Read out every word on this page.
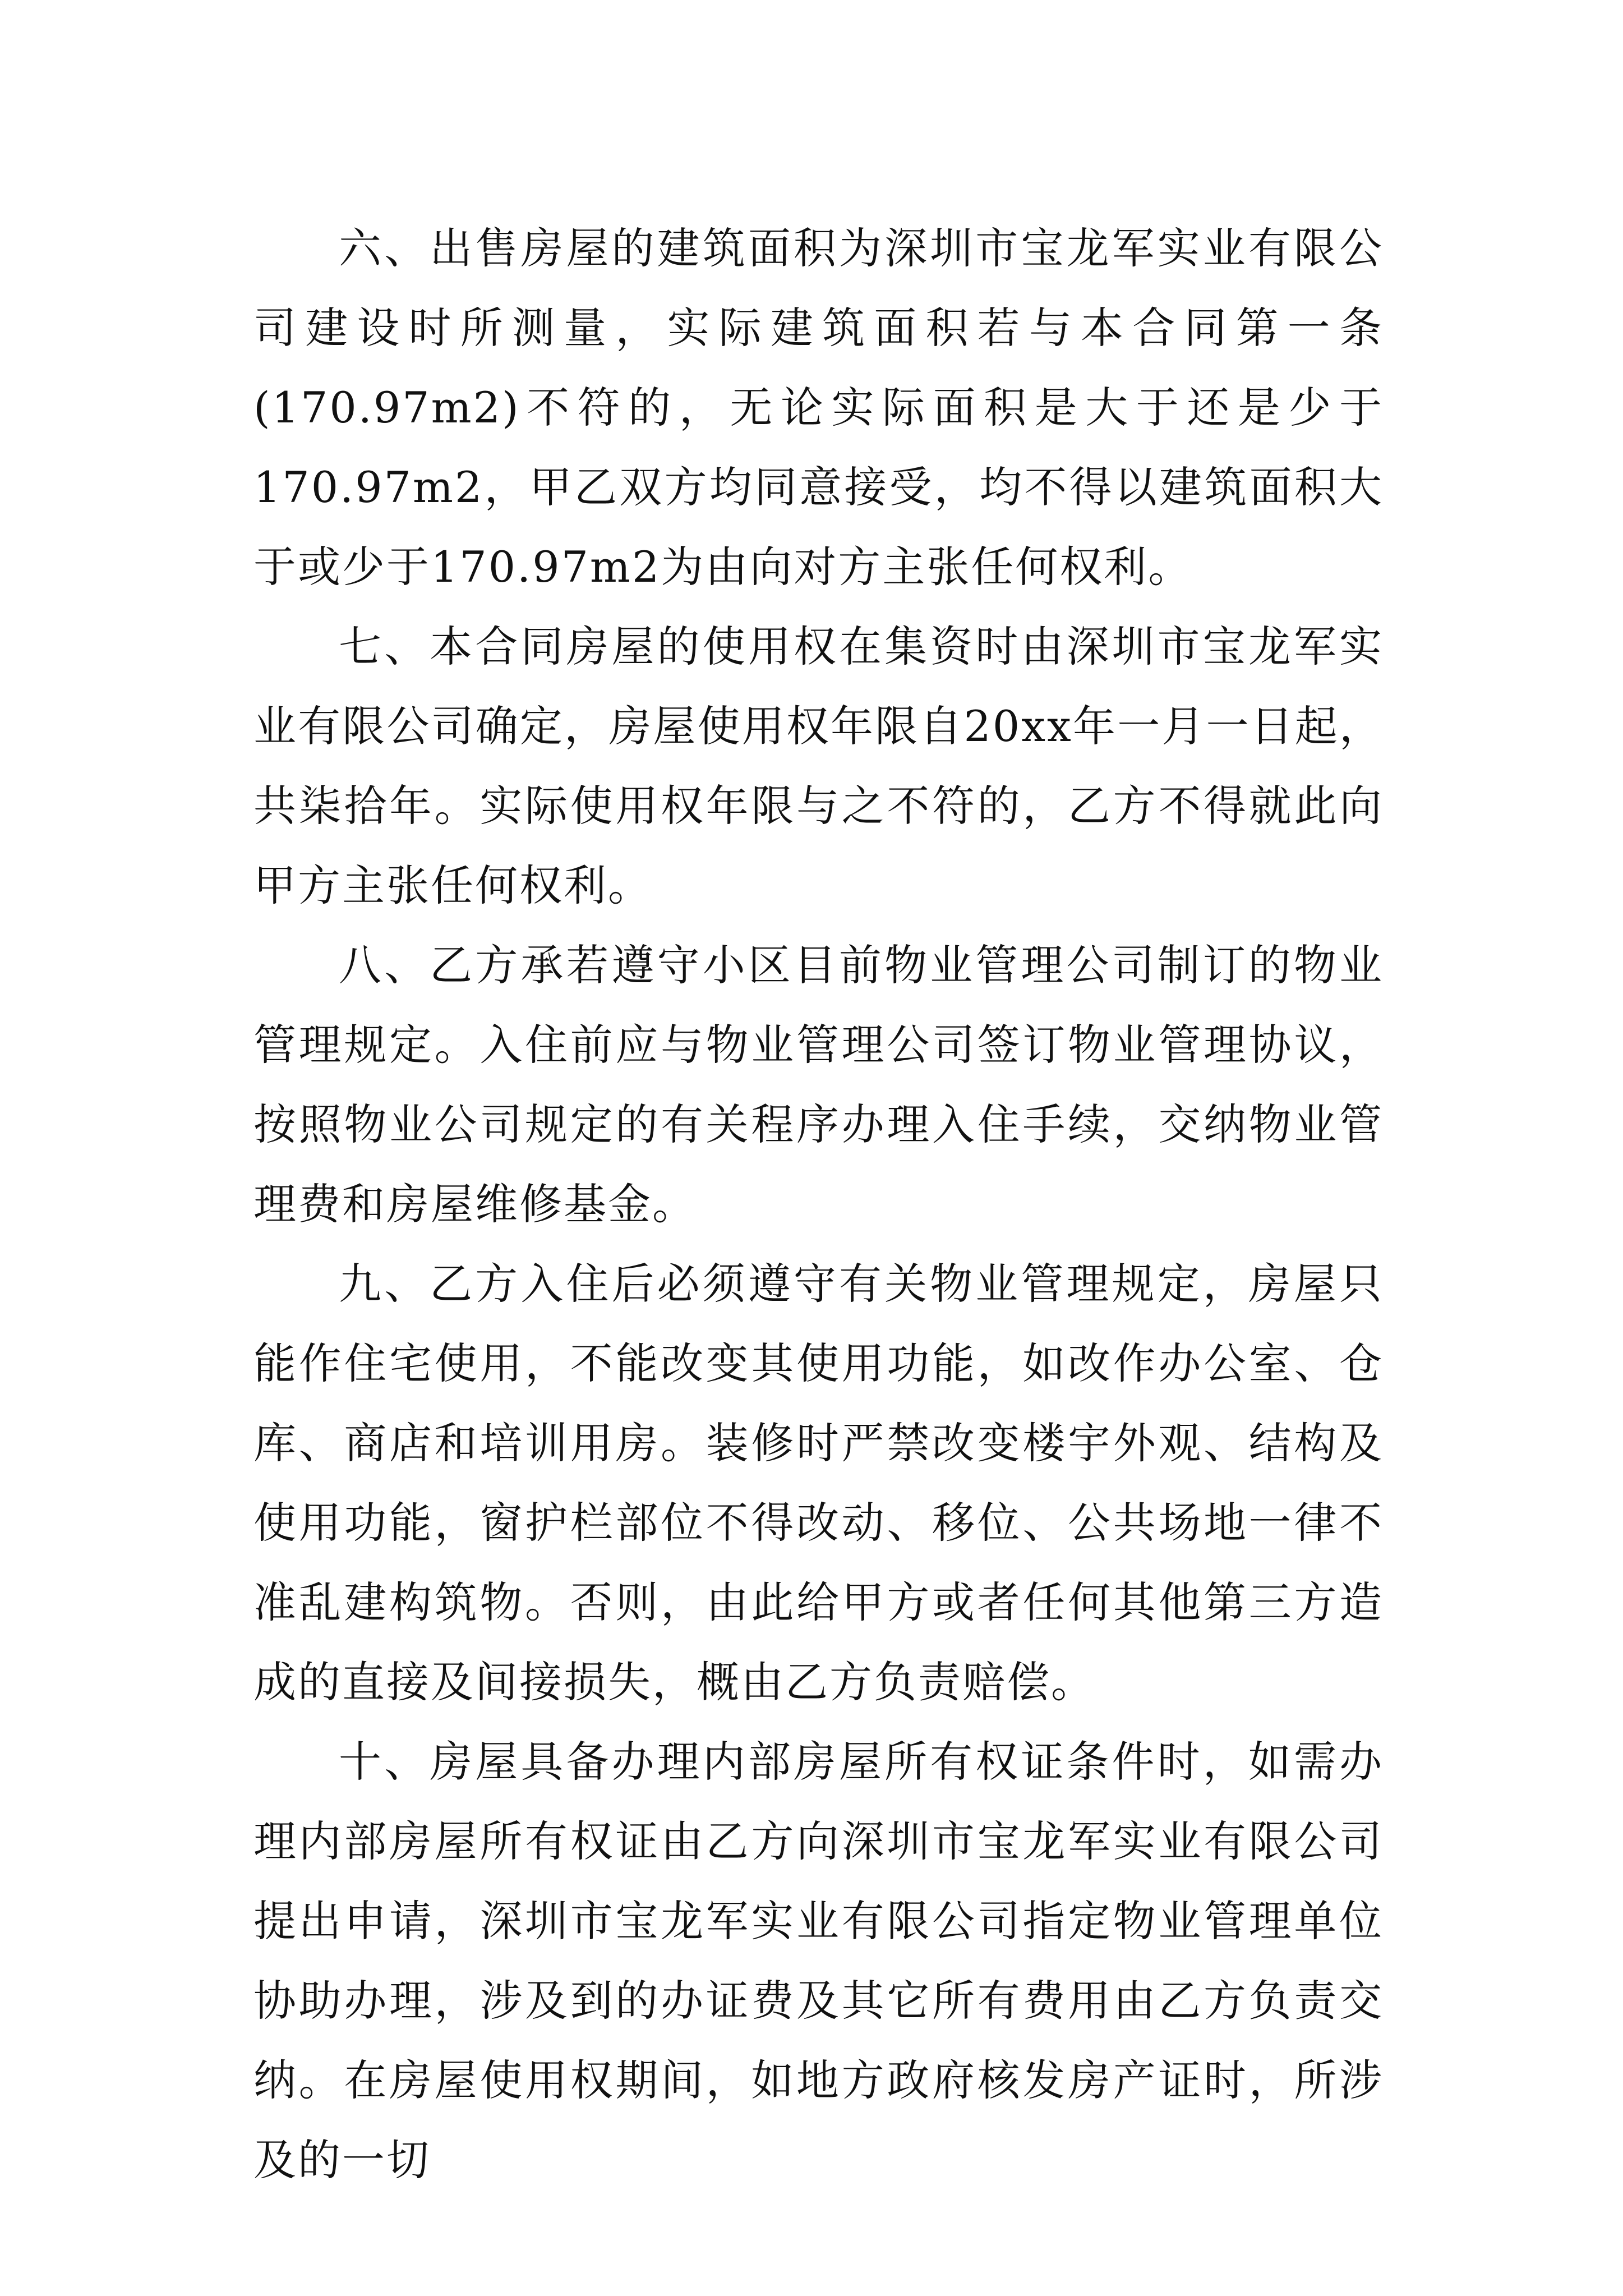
六、出售房屋的建筑面积为深圳市宝龙军实业有限公司建设时所测量，实际建筑面积若与本合同第一条(170.97m2)不符的，无论实际面积是大于还是少于170.97m2，甲乙双方均同意接受，均不得以建筑面积大于或少于170.97m2为由向对方主张任何权利。

七、本合同房屋的使用权在集资时由深圳市宝龙军实业有限公司确定，房屋使用权年限自20xx年一月一日起，共柒拾年。实际使用权年限与之不符的，乙方不得就此向甲方主张任何权利。

八、乙方承若遵守小区目前物业管理公司制订的物业管理规定。入住前应与物业管理公司签订物业管理协议，按照物业公司规定的有关程序办理入住手续，交纳物业管理费和房屋维修基金。

九、乙方入住后必须遵守有关物业管理规定，房屋只能作住宅使用，不能改变其使用功能，如改作办公室、仓库、商店和培训用房。装修时严禁改变楼宇外观、结构及使用功能，窗护栏部位不得改动、移位、公共场地一律不准乱建构筑物。否则，由此给甲方或者任何其他第三方造成的直接及间接损失，概由乙方负责赔偿。

十、房屋具备办理内部房屋所有权证条件时，如需办理内部房屋所有权证由乙方向深圳市宝龙军实业有限公司提出申请，深圳市宝龙军实业有限公司指定物业管理单位协助办理，涉及到的办证费及其它所有费用由乙方负责交纳。在房屋使用权期间，如地方政府核发房产证时，所涉及的一切
